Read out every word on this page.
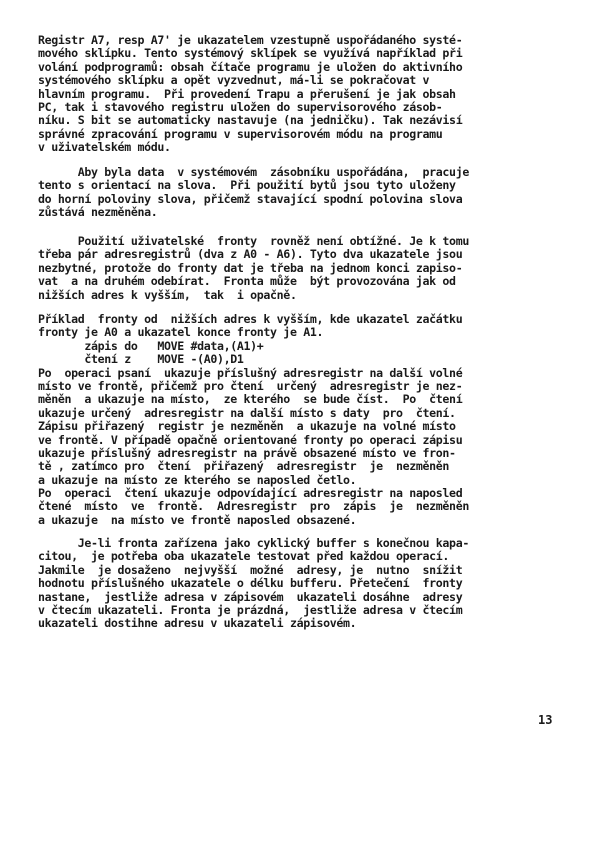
Registr A7, resp A7' je ukazatelem vzestupně uspořádaného systé-
mového sklípku. Tento systémový sklípek se využívá například při
volání podprogramů: obsah čítače programu je uložen do aktivního
systémového sklípku a opět vyzvednut, má-li se pokračovat v
hlavním programu.  Při provedení Trapu a přerušení je jak obsah
PC, tak i stavového registru uložen do supervisorového zásob-
níku. S bit se automaticky nastavuje (na jedničku). Tak nezávisí
správné zpracování programu v supervisorovém módu na programu
v uživatelském módu.
Aby byla data  v systémovém  zásobníku uspořádána,  pracuje
tento s orientací na slova.  Při použití bytů jsou tyto uloženy
do horní poloviny slova, přičemž stavající spodní polovina slova
zůstává nezměněna.
Použití uživatelské  fronty  rovněž není obtížné. Je k tomu
třeba pár adresregistrů (dva z A0 - A6). Tyto dva ukazatele jsou
nezbytné, protože do fronty dat je třeba na jednom konci zapiso-
vat  a na druhém odebírat.  Fronta může  být provozována jak od
nižších adres k vyšším,  tak  i opačně.
Příklad  fronty od  nižších adres k vyšším, kde ukazatel začátku
fronty je A0 a ukazatel konce fronty je A1.
zápis do   MOVE #data,(A1)+
čtení z    MOVE -(A0),D1
Po  operaci psaní  ukazuje příslušný adresregistr na další volné
místo ve frontě, přičemž pro čtení  určený  adresregistr je nez-
měněn  a ukazuje na místo,  ze kterého  se bude číst.  Po  čtení
ukazuje určený  adresregistr na další místo s daty  pro  čtení.
Zápisu přiřazený  registr je nezměněn  a ukazuje na volné místo
ve frontě. V případě opačně orientované fronty po operaci zápisu
ukazuje příslušný adresregistr na právě obsazené místo ve fron-
tě , zatímco pro  čtení  přiřazený  adresregistr  je  nezměněn
a ukazuje na místo ze kterého se naposled četlo.
Po  operaci  čtení ukazuje odpovídající adresregistr na naposled
čtené  místo  ve  frontě.  Adresregistr  pro  zápis  je  nezměněn
a ukazuje  na místo ve frontě naposled obsazené.
Je-li fronta zařízena jako cyklický buffer s konečnou kapa-
citou,  je potřeba oba ukazatele testovat před každou operací.
Jakmile  je dosaženo  nejvyšší  možné  adresy, je  nutno  snížit
hodnotu příslušného ukazatele o délku bufferu. Přetečení  fronty
nastane,  jestliže adresa v zápisovém  ukazateli dosáhne  adresy
v čtecím ukazateli. Fronta je prázdná,  jestliže adresa v čtecím
ukazateli dostihne adresu v ukazateli zápisovém.
13
